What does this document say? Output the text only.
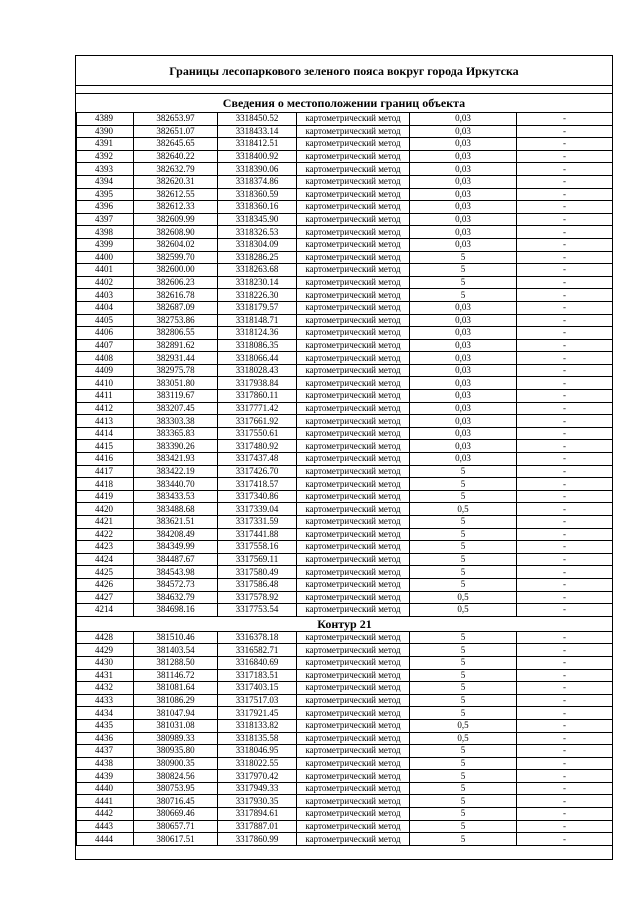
Границы лесопаркового зеленого пояса вокруг города Иркутска
Сведения о местоположении границ объекта
4389	382653.97	3318450.52	картометрический метод	0,03	-
4390	382651.07	3318433.14	картометрический метод	0,03	-
4391	382645.65	3318412.51	картометрический метод	0,03	-
4392	382640.22	3318400.92	картометрический метод	0,03	-
4393	382632.79	3318390.06	картометрический метод	0,03	-
4394	382620.31	3318374.86	картометрический метод	0,03	-
4395	382612.55	3318360.59	картометрический метод	0,03	-
4396	382612.33	3318360.16	картометрический метод	0,03	-
4397	382609.99	3318345.90	картометрический метод	0,03	-
4398	382608.90	3318326.53	картометрический метод	0,03	-
4399	382604.02	3318304.09	картометрический метод	0,03	-
4400	382599.70	3318286.25	картометрический метод	5	-
4401	382600.00	3318263.68	картометрический метод	5	-
4402	382606.23	3318230.14	картометрический метод	5	-
4403	382616.78	3318226.30	картометрический метод	5	-
4404	382687.09	3318179.57	картометрический метод	0,03	-
4405	382753.86	3318148.71	картометрический метод	0,03	-
4406	382806.55	3318124.36	картометрический метод	0,03	-
4407	382891.62	3318086.35	картометрический метод	0,03	-
4408	382931.44	3318066.44	картометрический метод	0,03	-
4409	382975.78	3318028.43	картометрический метод	0,03	-
4410	383051.80	3317938.84	картометрический метод	0,03	-
4411	383119.67	3317860.11	картометрический метод	0,03	-
4412	383207.45	3317771.42	картометрический метод	0,03	-
4413	383303.38	3317661.92	картометрический метод	0,03	-
4414	383365.83	3317550.61	картометрический метод	0,03	-
4415	383390.26	3317480.92	картометрический метод	0,03	-
4416	383421.93	3317437.48	картометрический метод	0,03	-
4417	383422.19	3317426.70	картометрический метод	5	-
4418	383440.70	3317418.57	картометрический метод	5	-
4419	383433.53	3317340.86	картометрический метод	5	-
4420	383488.68	3317339.04	картометрический метод	0,5	-
4421	383621.51	3317331.59	картометрический метод	5	-
4422	384208.49	3317441.88	картометрический метод	5	-
4423	384349.99	3317558.16	картометрический метод	5	-
4424	384487.67	3317569.11	картометрический метод	5	-
4425	384543.98	3317580.49	картометрический метод	5	-
4426	384572.73	3317586.48	картометрический метод	5	-
4427	384632.79	3317578.92	картометрический метод	0,5	-
4214	384698.16	3317753.54	картометрический метод	0,5	-
Контур 21					
4428	381510.46	3316378.18	картометрический метод	5	-
4429	381403.54	3316582.71	картометрический метод	5	-
4430	381288.50	3316840.69	картометрический метод	5	-
4431	381146.72	3317183.51	картометрический метод	5	-
4432	381081.64	3317403.15	картометрический метод	5	-
4433	381086.29	3317517.03	картометрический метод	5	-
4434	381047.94	3317921.45	картометрический метод	5	-
4435	381031.08	3318133.82	картометрический метод	0,5	-
4436	380989.33	3318135.58	картометрический метод	0,5	-
4437	380935.80	3318046.95	картометрический метод	5	-
4438	380900.35	3318022.55	картометрический метод	5	-
4439	380824.56	3317970.42	картометрический метод	5	-
4440	380753.95	3317949.33	картометрический метод	5	-
4441	380716.45	3317930.35	картометрический метод	5	-
4442	380669.46	3317894.61	картометрический метод	5	-
4443	380657.71	3317887.01	картометрический метод	5	-
4444	380617.51	3317860.99	картометрический метод	5	-
